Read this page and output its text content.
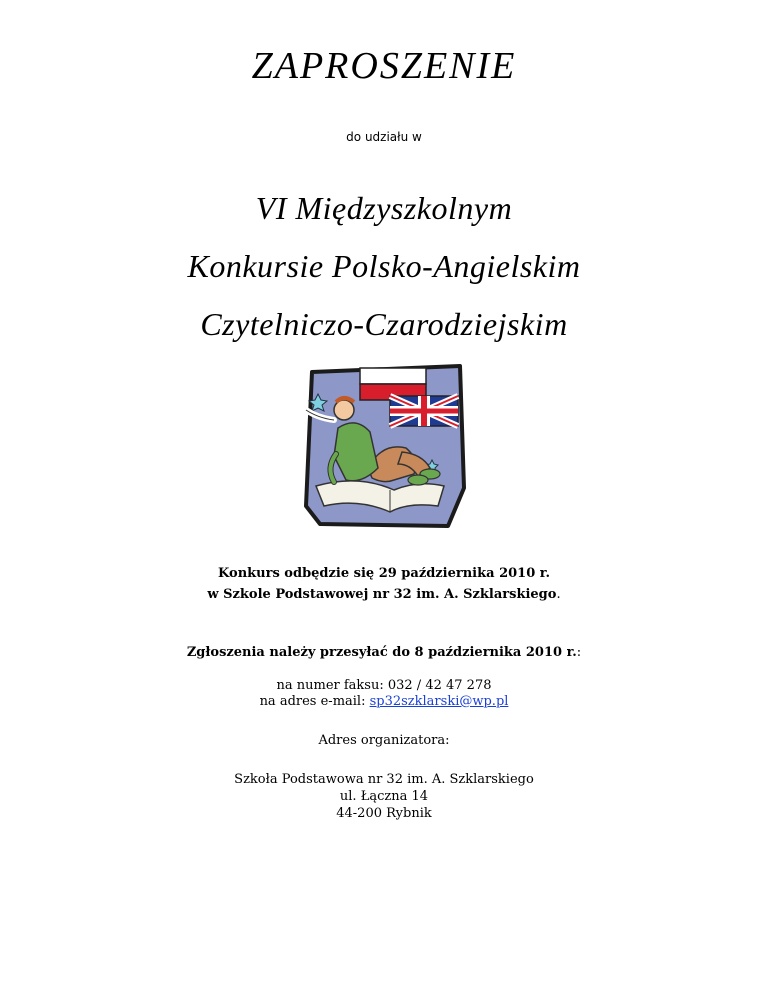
ZAPROSZENIE
do udziału w
VI Międzyszkolnym
Konkursie Polsko-Angielskim
Czytelniczo-Czarodziejskim
Konkurs odbędzie się 29 października 2010 r.
w Szkole Podstawowej nr 32 im. A. Szklarskiego.
Zgłoszenia należy przesyłać do 8 października 2010 r.:
na numer faksu: 032 / 42 47 278
na adres e-mail: sp32szklarski@wp.pl
Adres organizatora:
Szkoła Podstawowa nr 32 im. A. Szklarskiego
ul. Łączna 14
44-200 Rybnik
